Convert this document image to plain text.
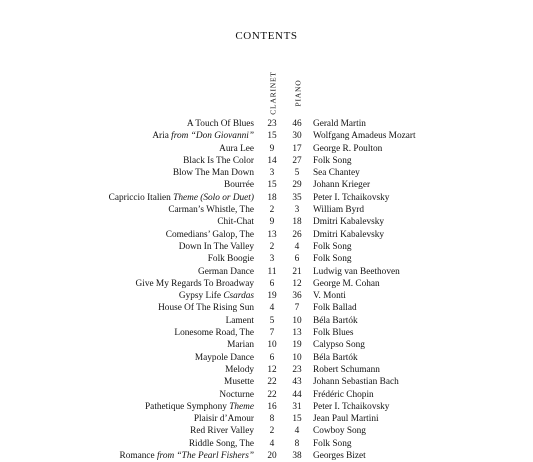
CONTENTS
CLARINET PIANO
A Touch Of Blues	23	46	Gerald Martin
Aria from “Don Giovanni”	15	30	Wolfgang Amadeus Mozart
Aura Lee	9	17	George R. Poulton
Black Is The Color	14	27	Folk Song
Blow The Man Down	3	5	Sea Chantey
Bourrée	15	29	Johann Krieger
Capriccio Italien Theme (Solo or Duet)	18	35	Peter I. Tchaikovsky
Carman’s Whistle, The	2	3	William Byrd
Chit-Chat	9	18	Dmitri Kabalevsky
Comedians’ Galop, The	13	26	Dmitri Kabalevsky
Down In The Valley	2	4	Folk Song
Folk Boogie	3	6	Folk Song
German Dance	11	21	Ludwig van Beethoven
Give My Regards To Broadway	6	12	George M. Cohan
Gypsy Life Csardas	19	36	V. Monti
House Of The Rising Sun	4	7	Folk Ballad
Lament	5	10	Béla Bartók
Lonesome Road, The	7	13	Folk Blues
Marian	10	19	Calypso Song
Maypole Dance	6	10	Béla Bartók
Melody	12	23	Robert Schumann
Musette	22	43	Johann Sebastian Bach
Nocturne	22	44	Frédéric Chopin
Pathetique Symphony Theme	16	31	Peter I. Tchaikovsky
Plaisir d’Amour	8	15	Jean Paul Martini
Red River Valley	2	4	Cowboy Song
Riddle Song, The	4	8	Folk Song
Romance from “The Pearl Fishers”	20	38	Georges Bizet
